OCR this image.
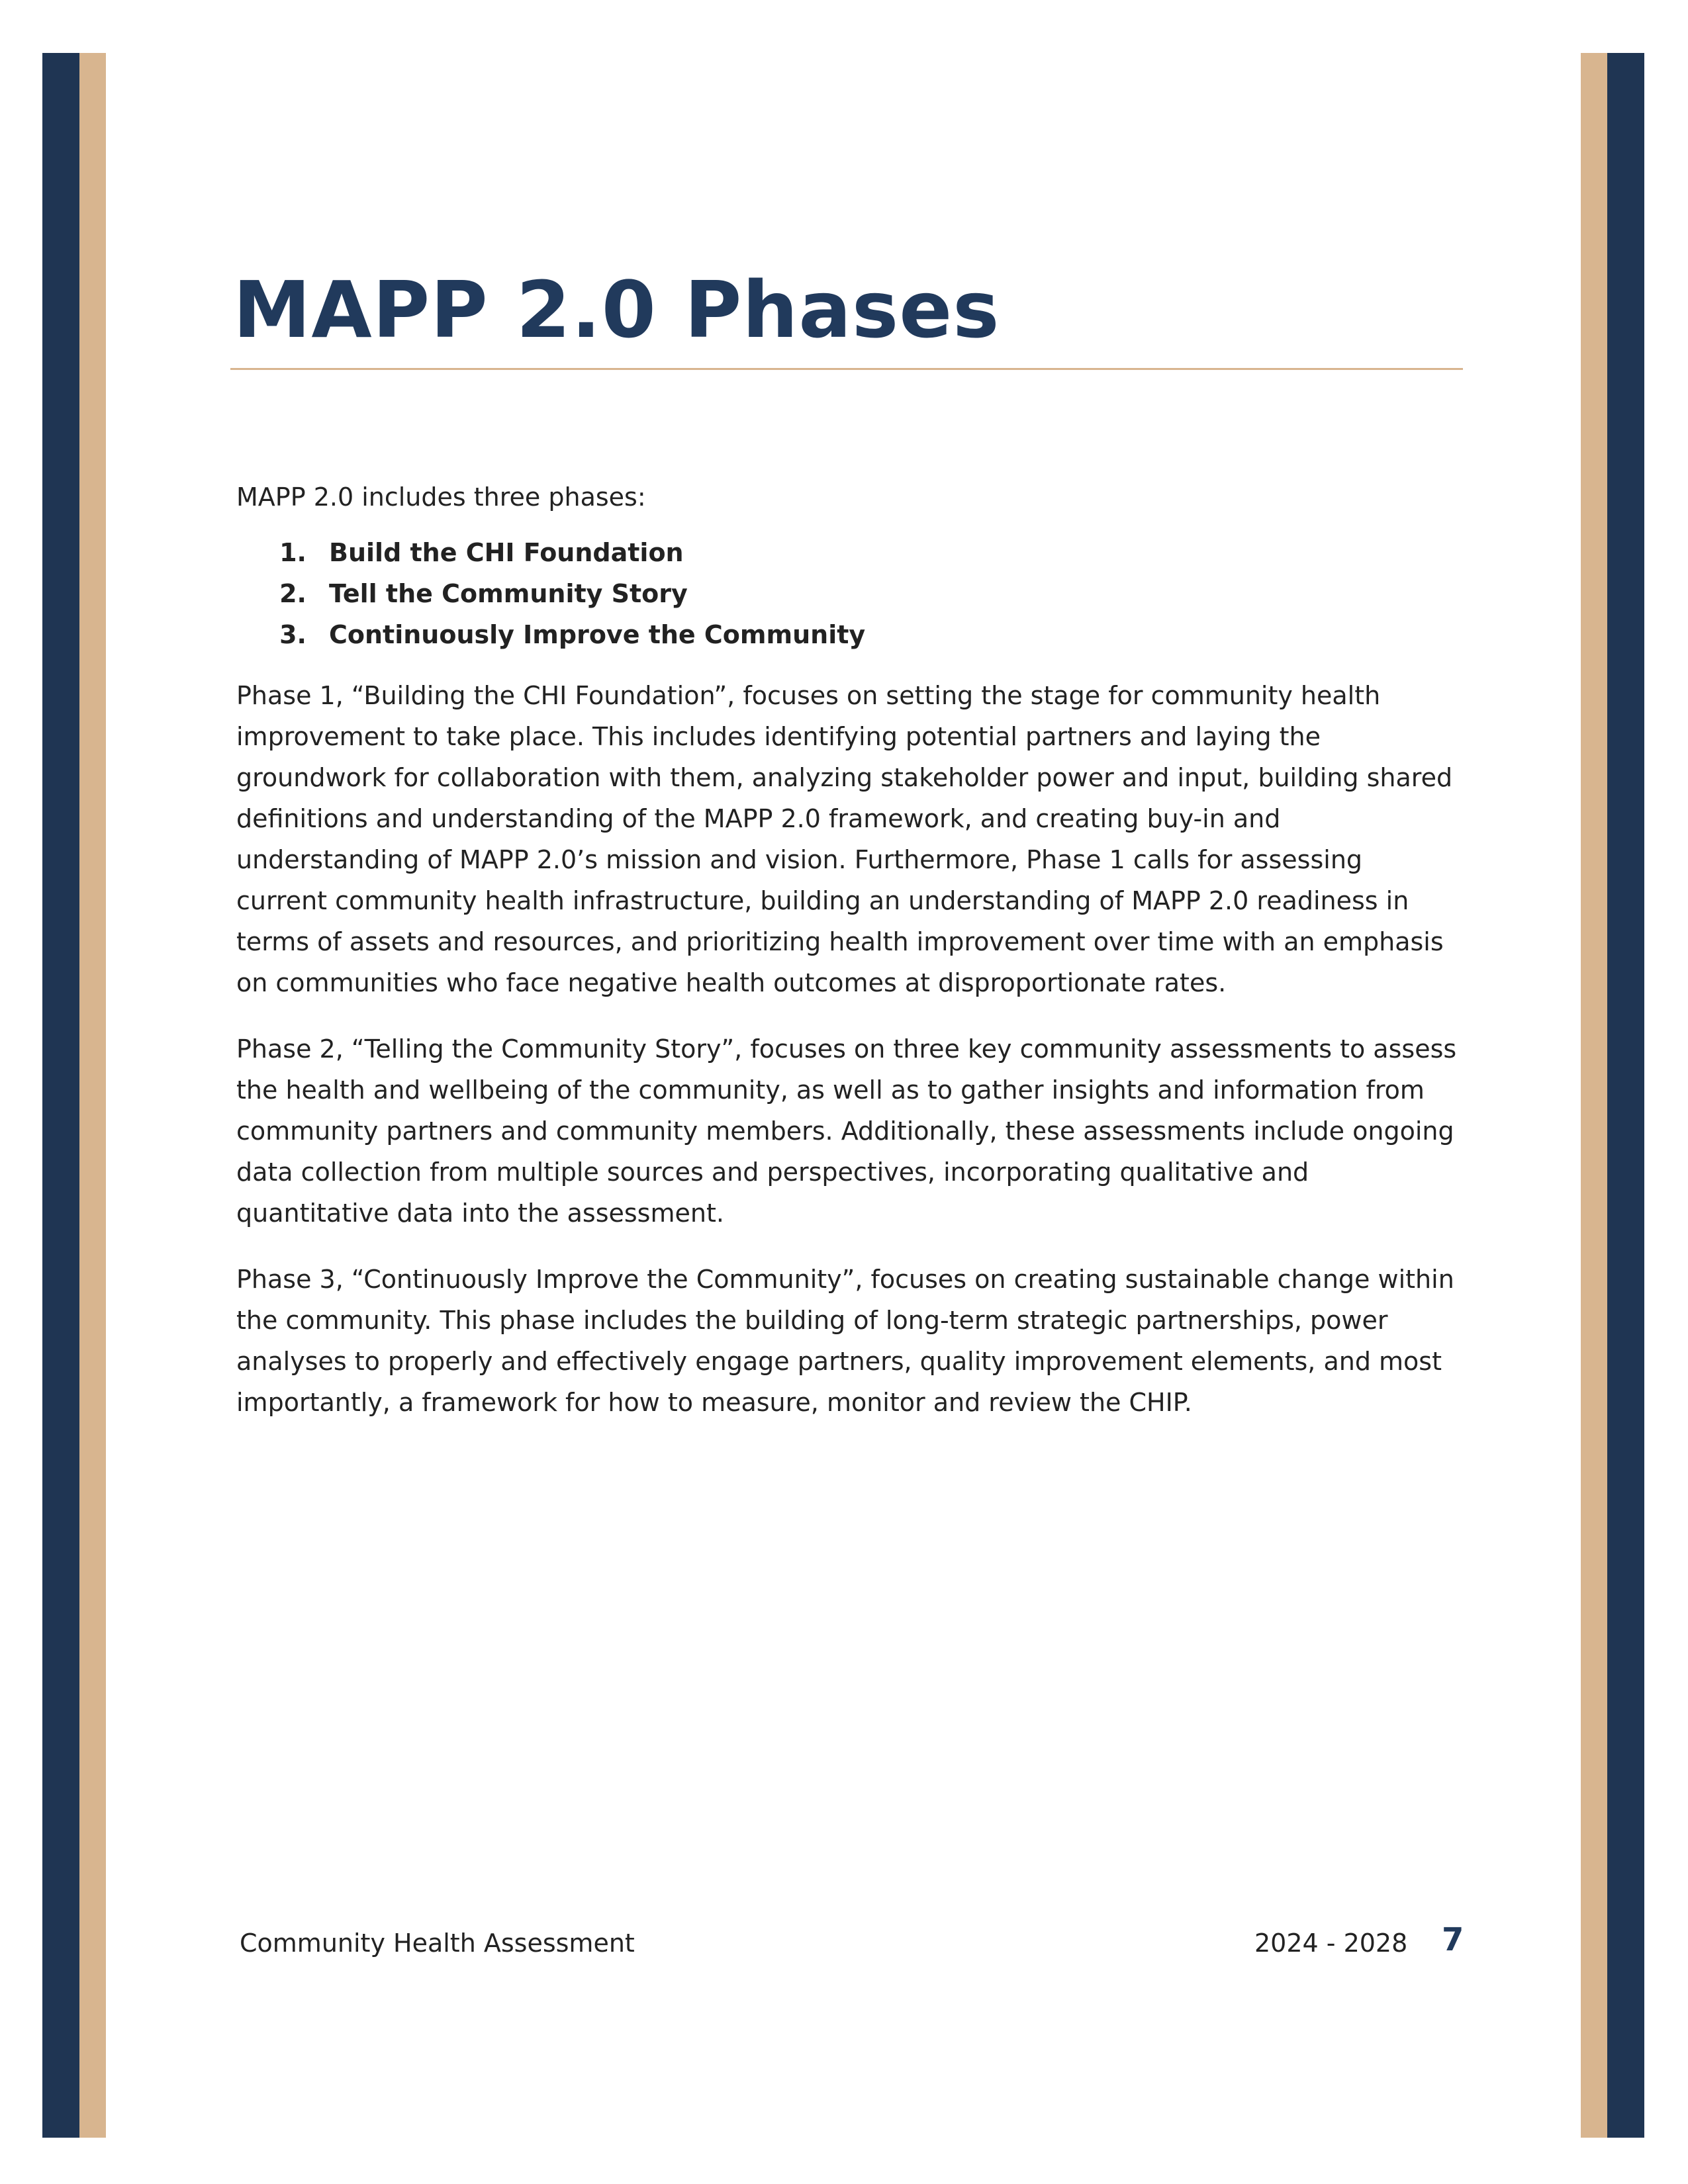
MAPP 2.0 Phases

MAPP 2.0 includes three phases:

1. Build the CHI Foundation
2. Tell the Community Story
3. Continuously Improve the Community

Phase 1, “Building the CHI Foundation”, focuses on setting the stage for community health improvement to take place. This includes identifying potential partners and laying the groundwork for collaboration with them, analyzing stakeholder power and input, building shared definitions and understanding of the MAPP 2.0 framework, and creating buy-in and understanding of MAPP 2.0’s mission and vision. Furthermore, Phase 1 calls for assessing current community health infrastructure, building an understanding of MAPP 2.0 readiness in terms of assets and resources, and prioritizing health improvement over time with an emphasis on communities who face negative health outcomes at disproportionate rates.

Phase 2, “Telling the Community Story”, focuses on three key community assessments to assess the health and wellbeing of the community, as well as to gather insights and information from community partners and community members. Additionally, these assessments include ongoing data collection from multiple sources and perspectives, incorporating qualitative and quantitative data into the assessment.

Phase 3, “Continuously Improve the Community”, focuses on creating sustainable change within the community. This phase includes the building of long-term strategic partnerships, power analyses to properly and effectively engage partners, quality improvement elements, and most importantly, a framework for how to measure, monitor and review the CHIP.

Community Health Assessment	2024 - 2028 7
